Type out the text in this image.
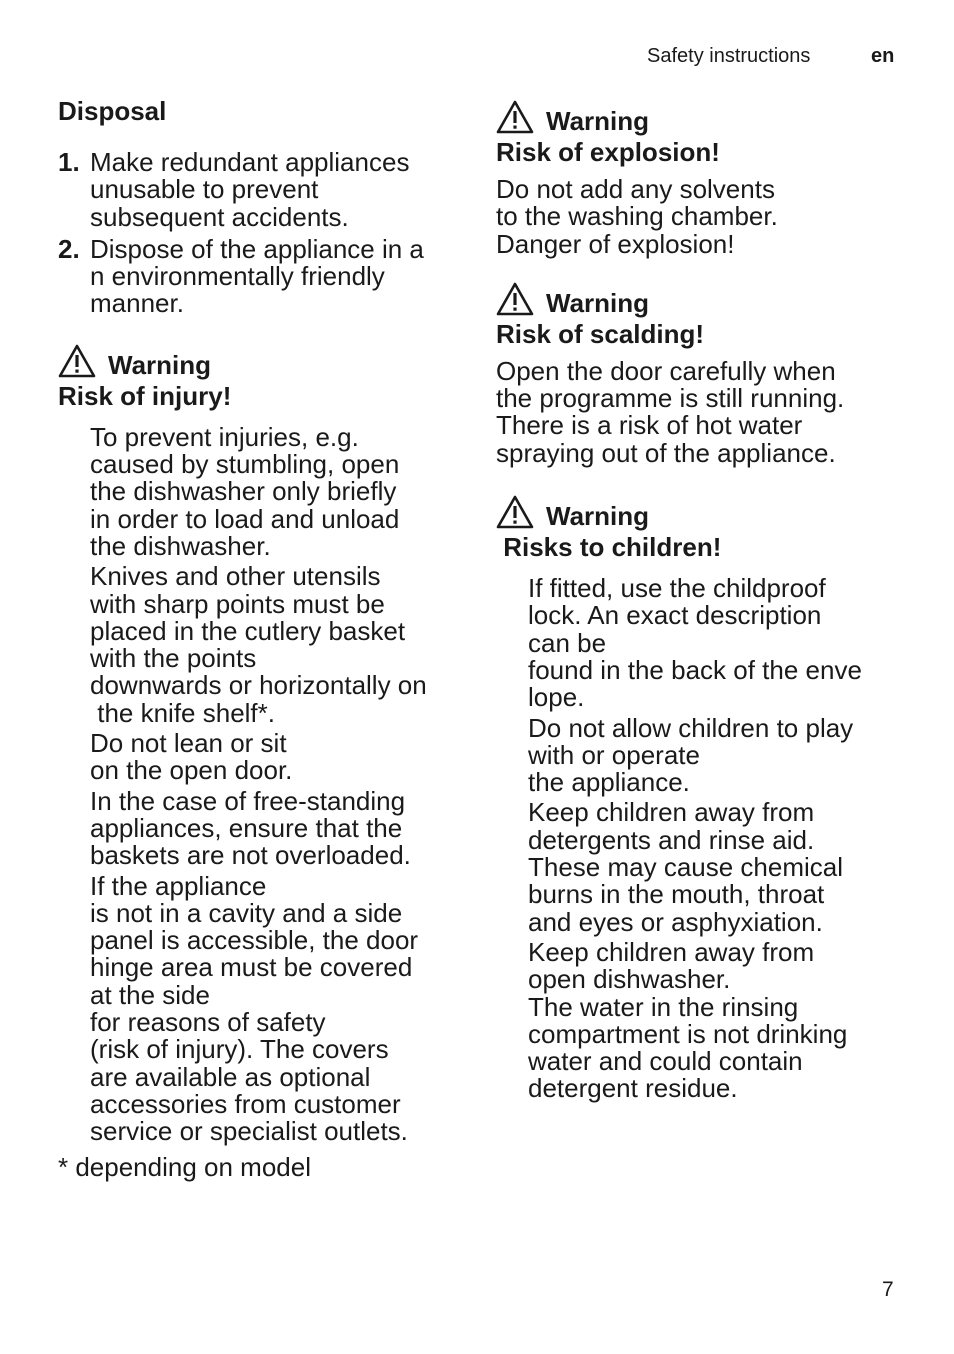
Safety instructions	en
Disposal
1. Make redundant appliances
unusable to prevent
subsequent accidents.
2. Dispose of the appliance in a
n environmentally friendly
manner.
Warning
Risk of injury!
To prevent injuries, e.g.
caused by stumbling, open
the dishwasher only briefly
in order to load and unload
the dishwasher.
Knives and other utensils
with sharp points must be
placed in the cutlery basket
with the points
downwards or horizontally on
the knife shelf*.
Do not lean or sit
on the open door.
In the case of free-standing
appliances, ensure that the
baskets are not overloaded.
If the appliance
is not in a cavity and a side
panel is accessible, the door
hinge area must be covered
at the side
for reasons of safety
(risk of injury). The covers
are available as optional
accessories from customer
service or specialist outlets.
* depending on model
Warning
Risk of explosion!
Do not add any solvents
to the washing chamber.
Danger of explosion!
Warning
Risk of scalding!
Open the door carefully when
the programme is still running.
There is a risk of hot water
spraying out of the appliance.
Warning
Risks to children!
If fitted, use the childproof
lock. An exact description
can be
found in the back of the enve
lope.
Do not allow children to play
with or operate
the appliance.
Keep children away from
detergents and rinse aid.
These may cause chemical
burns in the mouth, throat
and eyes or asphyxiation.
Keep children away from
open dishwasher.
The water in the rinsing
compartment is not drinking
water and could contain
detergent residue.
7
